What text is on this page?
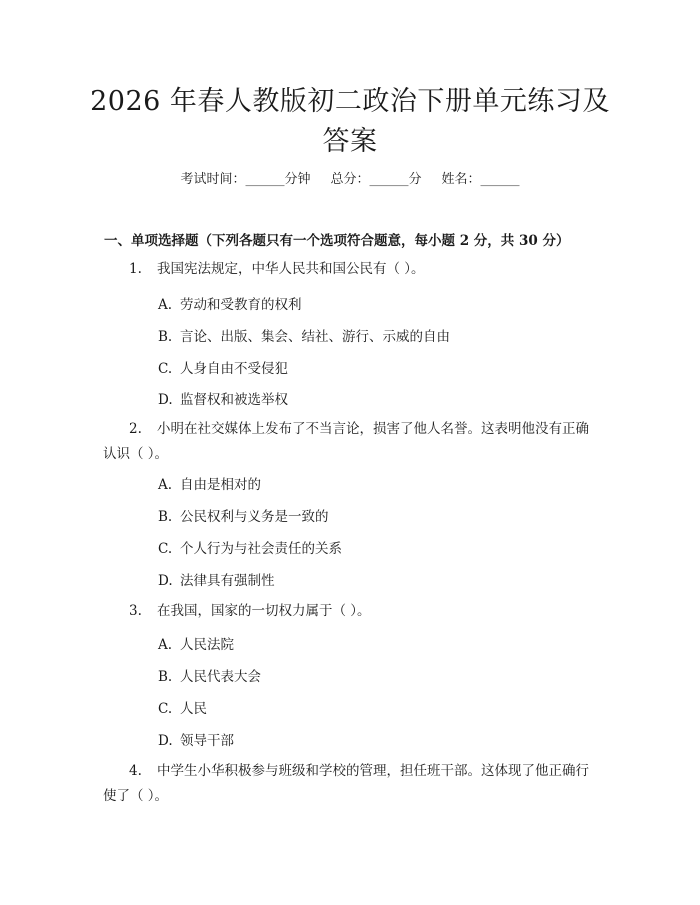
2026 年春人教版初二政治下册单元练习及答案
考试时间：______分钟 总分：______分 姓名：______
一、单项选择题（下列各题只有一个选项符合题意，每小题 2 分，共 30 分）
1. 我国宪法规定，中华人民共和国公民有（ ）。
A. 劳动和受教育的权利
B. 言论、出版、集会、结社、游行、示威的自由
C. 人身自由不受侵犯
D. 监督权和被选举权
2. 小明在社交媒体上发布了不当言论，损害了他人名誉。这表明他没有正确认识（ ）。
A. 自由是相对的
B. 公民权利与义务是一致的
C. 个人行为与社会责任的关系
D. 法律具有强制性
3. 在我国，国家的一切权力属于（ ）。
A. 人民法院
B. 人民代表大会
C. 人民
D. 领导干部
4. 中学生小华积极参与班级和学校的管理，担任班干部。这体现了他正确行使了（ ）。
